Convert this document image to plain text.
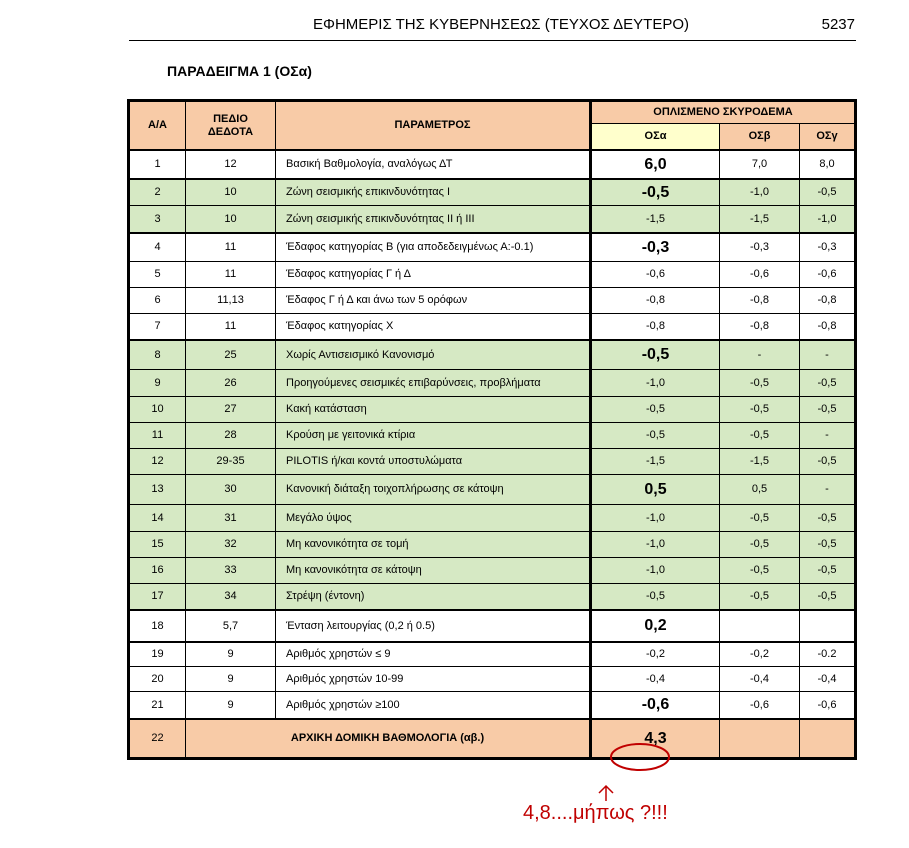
ΕΦΗΜΕΡΙΣ ΤΗΣ ΚΥΒΕΡΝΗΣΕΩΣ (ΤΕΥΧΟΣ ΔΕΥΤΕΡΟ)	5237
ΠΑΡΑΔΕΙΓΜΑ 1 (ΟΣα)
Α/Α
ΠΕΔΙΟ ΔΕΔΟΤΑ
ΠΑΡΑΜΕΤΡΟΣ
ΟΠΛΙΣΜΕΝΟ ΣΚΥΡΟΔΕΜΑ
ΟΣα	ΟΣβ	ΟΣγ
1	12	Βασική Βαθμολογία, αναλόγως ΔΤ	6,0	7,0	8,0
2	10	Ζώνη σεισμικής επικινδυνότητας Ι	-0,5	-1,0	-0,5
3	10	Ζώνη σεισμικής επικινδυνότητας ΙΙ ή ΙΙΙ	-1,5	-1,5	-1,0
4	11	Έδαφος κατηγορίας Β (για αποδεδειγμένως Α:-0.1)	-0,3	-0,3	-0,3
5	11	Έδαφος κατηγορίας Γ ή Δ	-0,6	-0,6	-0,6
6	11,13	Έδαφος Γ ή Δ και άνω των 5 ορόφων	-0,8	-0,8	-0,8
7	11	Έδαφος κατηγορίας Χ	-0,8	-0,8	-0,8
8	25	Χωρίς Αντισεισμικό Κανονισμό	-0,5	-	-
9	26	Προηγούμενες σεισμικές επιβαρύνσεις, προβλήματα	-1,0	-0,5	-0,5
10	27	Κακή κατάσταση	-0,5	-0,5	-0,5
11	28	Κρούση με γειτονικά κτίρια	-0,5	-0,5	-
12	29-35	PILOTIS ή/και κοντά υποστυλώματα	-1,5	-1,5	-0,5
13	30	Κανονική διάταξη τοιχοπλήρωσης σε κάτοψη	0,5	0,5	-
14	31	Μεγάλο ύψος	-1,0	-0,5	-0,5
15	32	Μη κανονικότητα σε τομή	-1,0	-0,5	-0,5
16	33	Μη κανονικότητα σε κάτοψη	-1,0	-0,5	-0,5
17	34	Στρέψη (έντονη)	-0,5	-0,5	-0,5
18	5,7	Ένταση λειτουργίας (0,2 ή 0.5)	0,2
19	9	Αριθμός χρηστών ≤ 9	-0,2	-0,2	-0.2
20	9	Αριθμός χρηστών 10-99	-0,4	-0,4	-0,4
21	9	Αριθμός χρηστών ≥100	-0,6	-0,6	-0,6
22	ΑΡΧΙΚΗ ΔΟΜΙΚΗ ΒΑΘΜΟΛΟΓΙΑ (αβ.)	4,3
4,8....μήπως ?!!!
